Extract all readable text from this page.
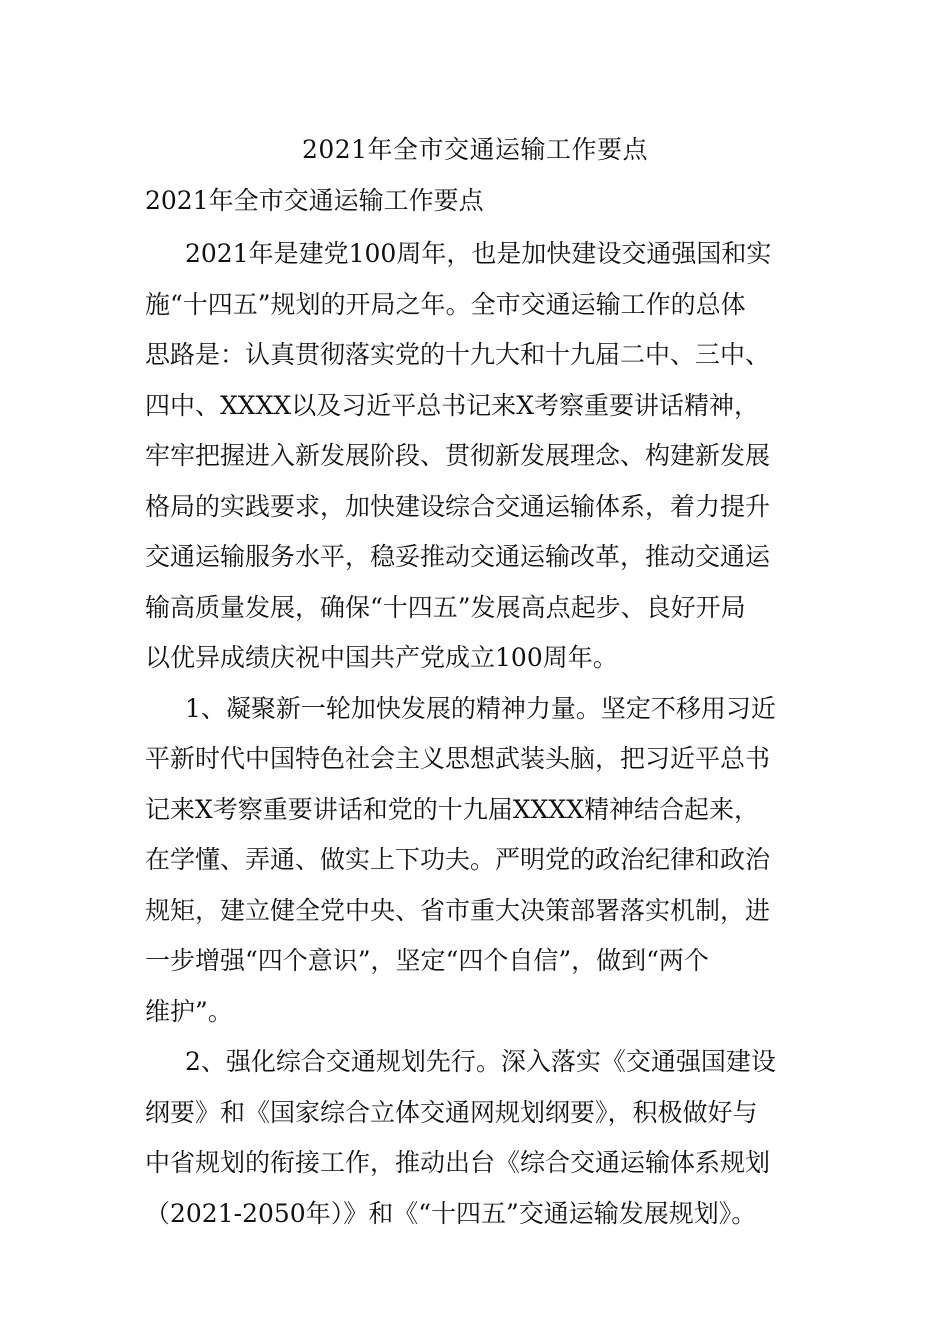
2021年全市交通运输工作要点
2021年全市交通运输工作要点

2021年是建党100周年，也是加快建设交通强国和实
施“十四五”规划的开局之年。全市交通运输工作的总体
思路是：认真贯彻落实党的十九大和十九届二中、三中、
四中、XXXX以及习近平总书记来X考察重要讲话精神，
牢牢把握进入新发展阶段、贯彻新发展理念、构建新发展
格局的实践要求，加快建设综合交通运输体系，着力提升
交通运输服务水平，稳妥推动交通运输改革，推动交通运
输高质量发展，确保“十四五”发展高点起步、良好开局
以优异成绩庆祝中国共产党成立100周年。

1、凝聚新一轮加快发展的精神力量。坚定不移用习近
平新时代中国特色社会主义思想武装头脑，把习近平总书
记来X考察重要讲话和党的十九届XXXX精神结合起来，
在学懂、弄通、做实上下功夫。严明党的政治纪律和政治
规矩，建立健全党中央、省市重大决策部署落实机制，进
一步增强“四个意识”，坚定“四个自信”，做到“两个
维护”。

2、强化综合交通规划先行。深入落实《交通强国建设
纲要》和《国家综合立体交通网规划纲要》，积极做好与
中省规划的衔接工作，推动出台《综合交通运输体系规划
（2021-2050年）》和《“十四五”交通运输发展规划》。
